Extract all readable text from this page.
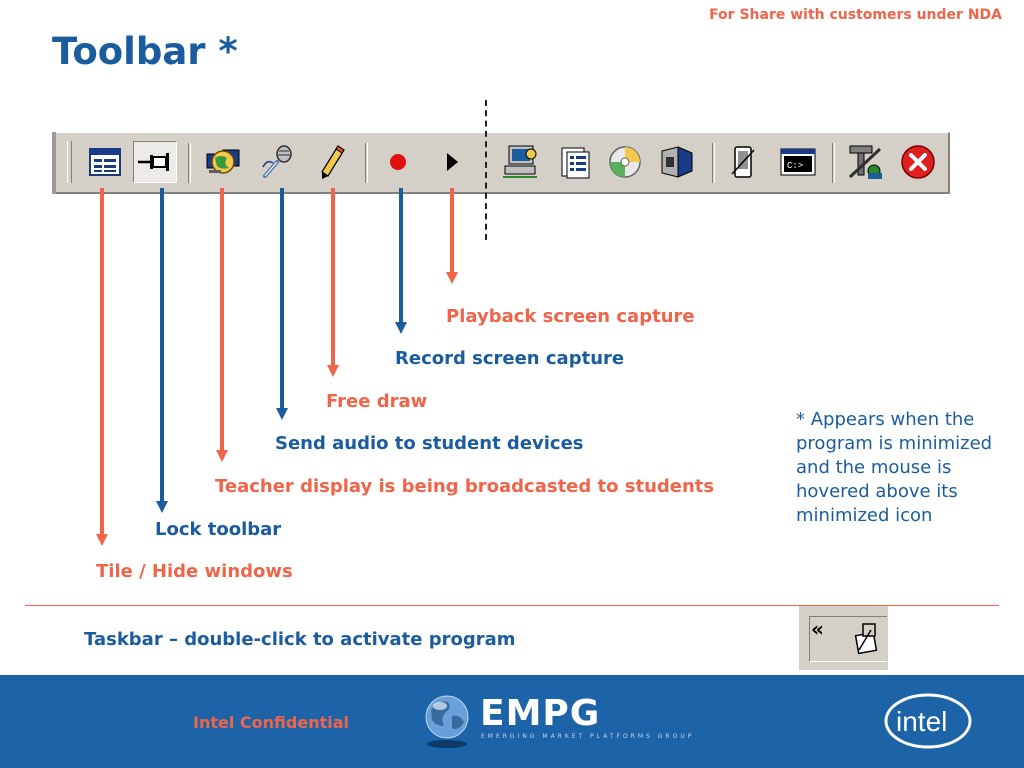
For Share with customers under NDA
Toolbar *
C:>
Playback screen capture
Record screen capture
Free draw
Send audio to student devices
Teacher display is being broadcasted to students
Lock toolbar
Tile / Hide windows
* Appears when the program is minimized and the mouse is hovered above its minimized icon
Taskbar – double-click to activate program	«
Intel Confidential	EMPG
EMERGING MARKET PLATFORMS GROUP	intel
